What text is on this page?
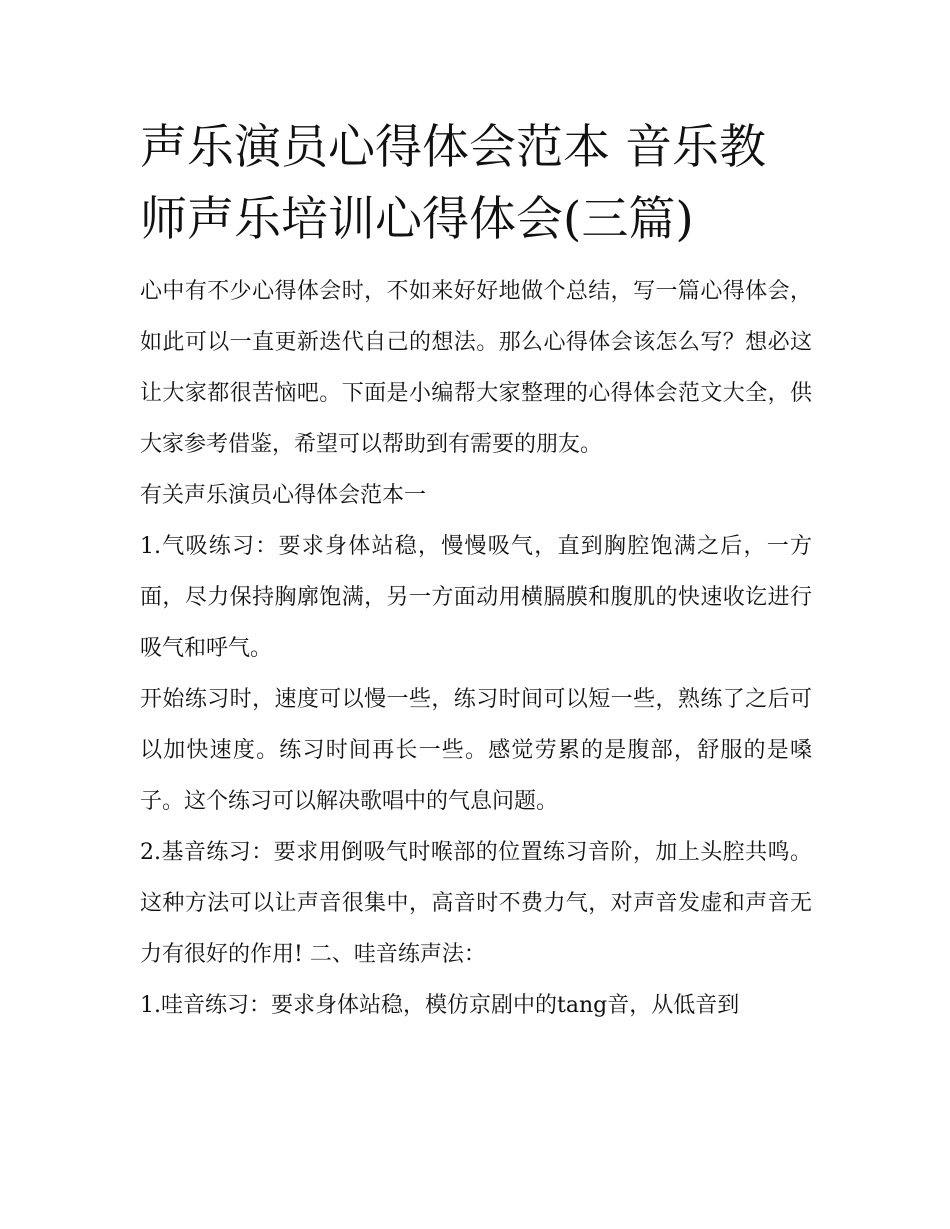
声乐演员心得体会范本 音乐教师声乐培训心得体会(三篇)

心中有不少心得体会时，不如来好好地做个总结，写一篇心得体会，如此可以一直更新迭代自己的想法。那么心得体会该怎么写？想必这让大家都很苦恼吧。下面是小编帮大家整理的心得体会范文大全，供大家参考借鉴，希望可以帮助到有需要的朋友。

有关声乐演员心得体会范本一

1.气吸练习：要求身体站稳，慢慢吸气，直到胸腔饱满之后，一方面，尽力保持胸廓饱满，另一方面动用横膈膜和腹肌的快速收讫进行吸气和呼气。

开始练习时，速度可以慢一些，练习时间可以短一些，熟练了之后可以加快速度。练习时间再长一些。感觉劳累的是腹部，舒服的是嗓子。这个练习可以解决歌唱中的气息问题。

2.基音练习：要求用倒吸气时喉部的位置练习音阶，加上头腔共鸣。这种方法可以让声音很集中，高音时不费力气，对声音发虚和声音无力有很好的作用! 二、哇音练声法：

1.哇音练习：要求身体站稳，模仿京剧中的tang音，从低音到
